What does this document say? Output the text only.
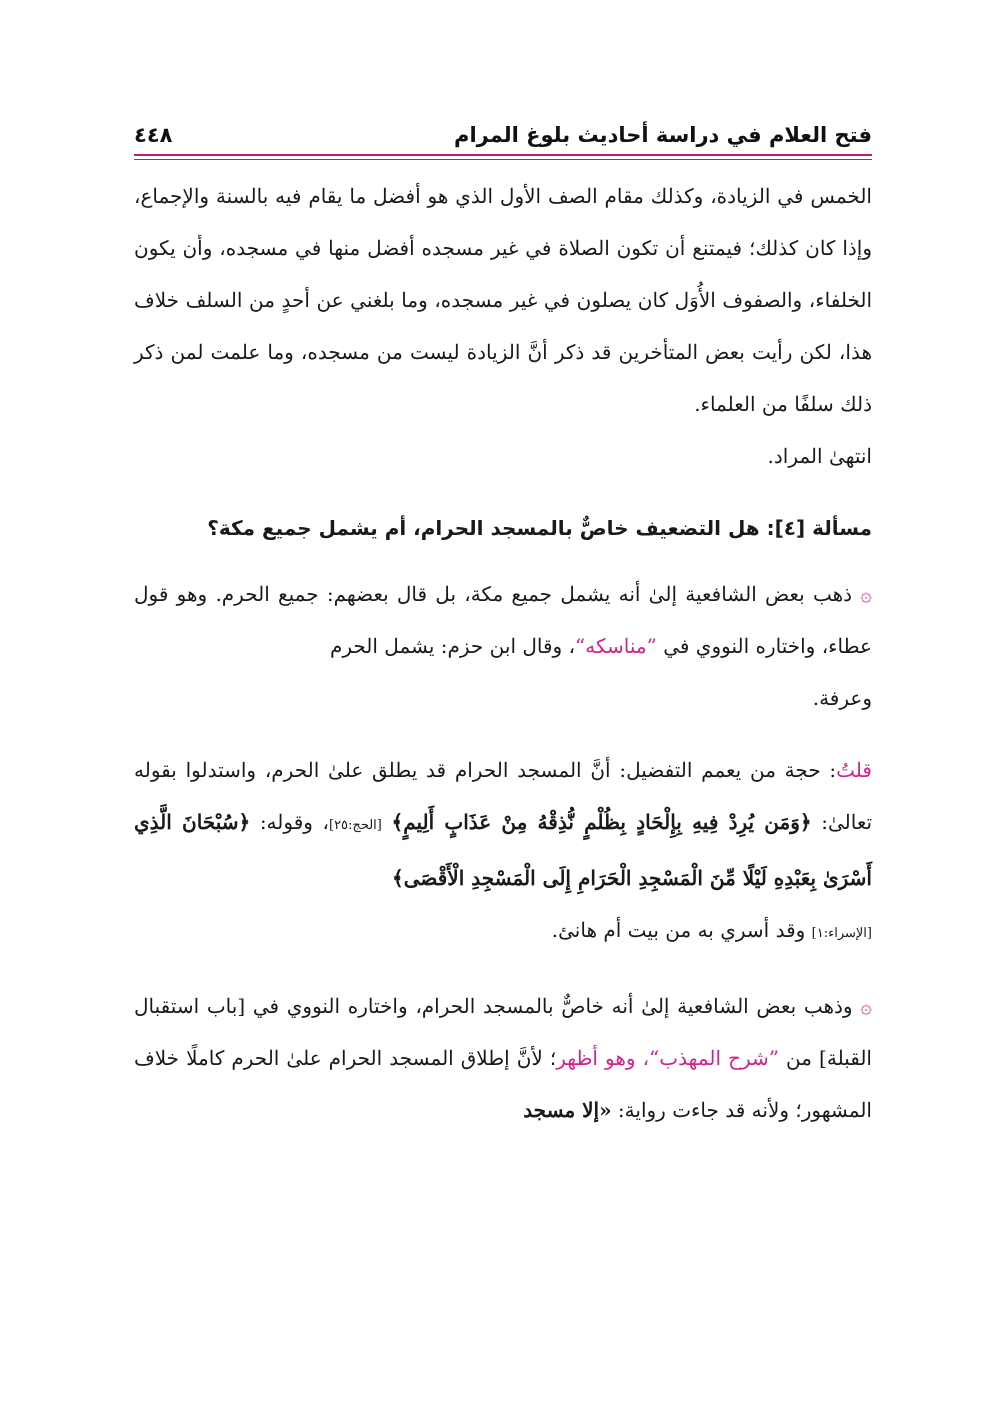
فتح العلام في دراسة أحاديث بلوغ المرام
٤٤٨

الخمس في الزيادة، وكذلك مقام الصف الأول الذي هو أفضل ما يقام فيه بالسنة والإجماع، وإذا كان كذلك؛ فيمتنع أن تكون الصلاة في غير مسجده أفضل منها في مسجده، وأن يكون الخلفاء، والصفوف الأُوَل كان يصلون في غير مسجده، وما بلغني عن أحدٍ من السلف خلاف هذا، لكن رأيت بعض المتأخرين قد ذكر أنَّ الزيادة ليست من مسجده، وما علمت لمن ذكر ذلك سلفًا من العلماء.

انتهىٰ المراد.

مسألة [٤]: هل التضعيف خاصٌّ بالمسجد الحرام، أم يشمل جميع مكة؟

۞ ذهب بعض الشافعية إلىٰ أنه يشمل جميع مكة، بل قال بعضهم: جميع الحرم. وهو قول عطاء، واختاره النووي في ”مناسكه“، وقال ابن حزم: يشمل الحرم

وعرفة.

قلتُ: حجة من يعمم التفضيل: أنَّ المسجد الحرام قد يطلق علىٰ الحرم، واستدلوا بقوله تعالىٰ: ﴿وَمَن يُرِدْ فِيهِ بِإِلْحَادٍ بِظُلْمٍ نُّذِقْهُ مِنْ عَذَابٍ أَلِيمٍ﴾ [الحج:٢٥]، وقوله: ﴿سُبْحَانَ الَّذِي أَسْرَىٰ بِعَبْدِهِ لَيْلًا مِّنَ الْمَسْجِدِ الْحَرَامِ إِلَى الْمَسْجِدِ الْأَقْصَى﴾

[الإسراء:١] وقد أسري به من بيت أم هانئ.

۞ وذهب بعض الشافعية إلىٰ أنه خاصٌّ بالمسجد الحرام، واختاره النووي في [باب استقبال القبلة] من ”شرح المهذب“، وهو أظهر؛ لأنَّ إطلاق المسجد الحرام علىٰ الحرم كاملًا خلاف المشهور؛ ولأنه قد جاءت رواية: «إلا مسجد
